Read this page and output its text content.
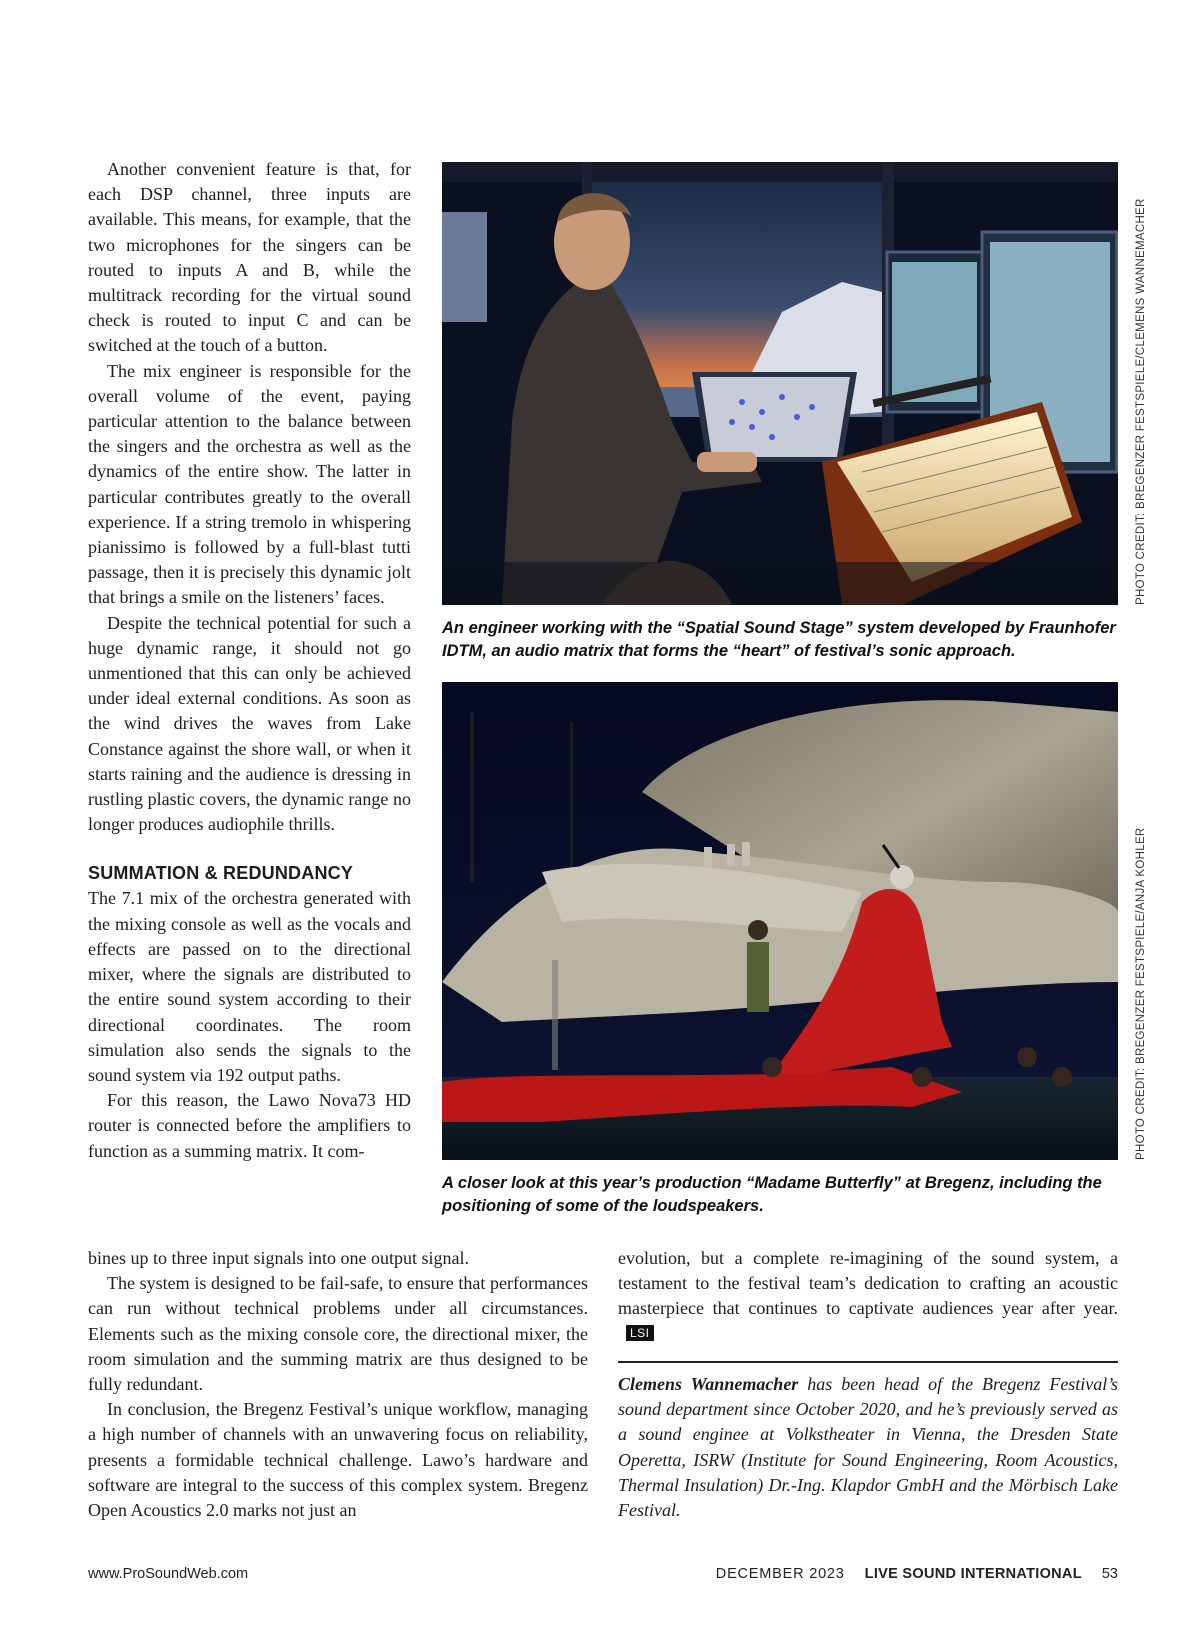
Another convenient feature is that, for each DSP channel, three inputs are available. This means, for example, that the two microphones for the singers can be routed to inputs A and B, while the multitrack recording for the virtual sound check is routed to input C and can be switched at the touch of a button.

The mix engineer is responsible for the overall volume of the event, paying particular attention to the balance between the singers and the orchestra as well as the dynamics of the entire show. The latter in particular contributes greatly to the overall experience. If a string tremolo in whispering pianissimo is followed by a full-blast tutti passage, then it is precisely this dynamic jolt that brings a smile on the listeners’ faces.

Despite the technical potential for such a huge dynamic range, it should not go unmentioned that this can only be achieved under ideal external conditions. As soon as the wind drives the waves from Lake Constance against the shore wall, or when it starts raining and the audience is dressing in rustling plastic covers, the dynamic range no longer produces audiophile thrills.

SUMMATION & REDUNDANCY

The 7.1 mix of the orchestra generated with the mixing console as well as the vocals and effects are passed on to the directional mixer, where the signals are distributed to the entire sound system according to their directional coordinates. The room simulation also sends the signals to the sound system via 192 output paths.

For this reason, the Lawo Nova73 HD router is connected before the amplifiers to function as a summing matrix. It com-

PHOTO CREDIT: BREGENZER FESTSPIELE/CLEMENS WANNEMACHER
An engineer working with the “Spatial Sound Stage” system developed by Fraunhofer IDTM, an audio matrix that forms the “heart” of festival’s sonic approach.
PHOTO CREDIT: BREGENZER FESTSPIELE/ANJA KÖHLER
A closer look at this year’s production “Madame Butterfly” at Bregenz, including the positioning of some of the loudspeakers.

bines up to three input signals into one output signal.

The system is designed to be fail-safe, to ensure that performances can run without technical problems under all circumstances. Elements such as the mixing console core, the directional mixer, the room simulation and the summing matrix are thus designed to be fully redundant.

In conclusion, the Bregenz Festival’s unique workflow, managing a high number of channels with an unwavering focus on reliability, presents a formidable technical challenge. Lawo’s hardware and software are integral to the success of this complex system. Bregenz Open Acoustics 2.0 marks not just an

evolution, but a complete re-imagining of the sound system, a testament to the festival team’s dedication to crafting an acoustic masterpiece that continues to captivate audiences year after year.LSI

Clemens Wannemacher has been head of the Bregenz Festival’s sound department since October 2020, and he’s previously served as a sound enginee at Volkstheater in Vienna, the Dresden State Operetta, ISRW (Institute for Sound Engineering, Room Acoustics, Thermal Insulation) Dr.-Ing. Klapdor GmbH and the Mörbisch Lake Festival.
www.ProSoundWeb.com	DECEMBER 2023 LIVE SOUND INTERNATIONAL 53
